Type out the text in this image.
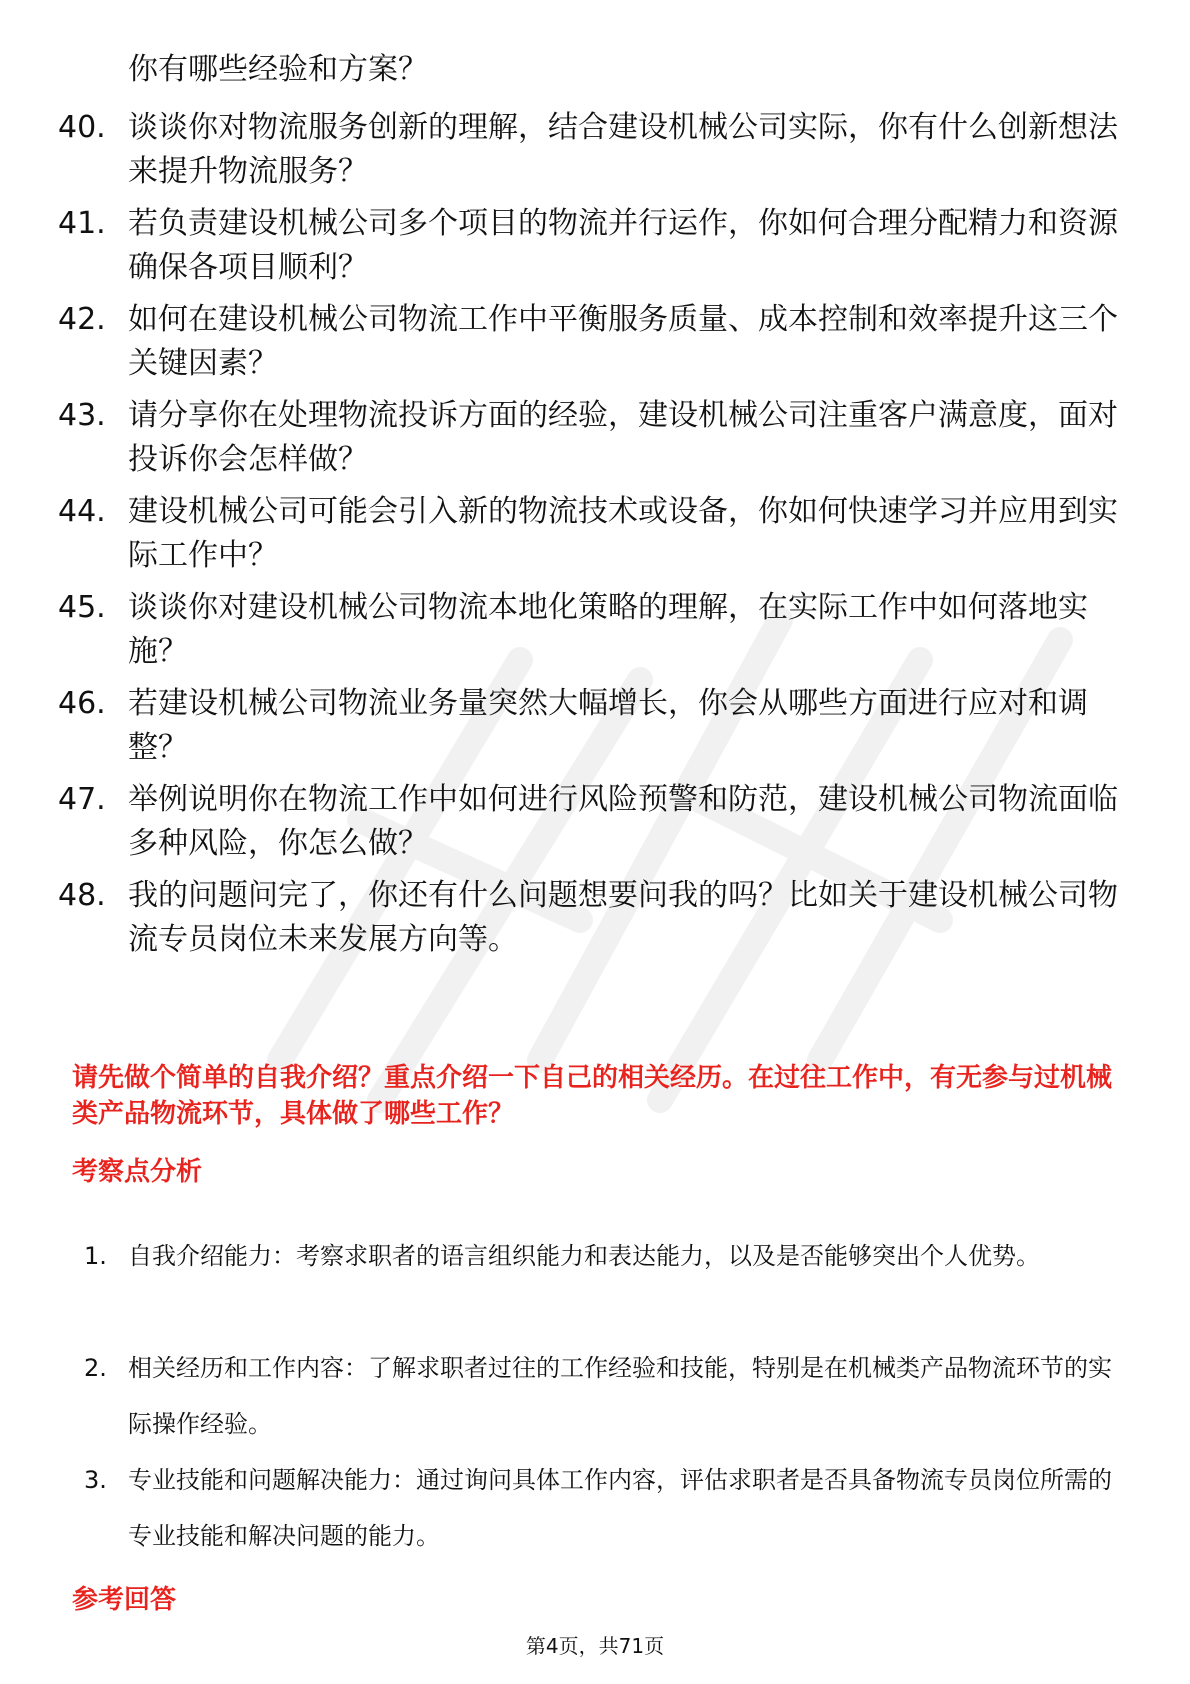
你有哪些经验和方案？
40. 谈谈你对物流服务创新的理解，结合建设机械公司实际，你有什么创新想法来提升物流服务？
41. 若负责建设机械公司多个项目的物流并行运作，你如何合理分配精力和资源确保各项目顺利？
42. 如何在建设机械公司物流工作中平衡服务质量、成本控制和效率提升这三个关键因素？
43. 请分享你在处理物流投诉方面的经验，建设机械公司注重客户满意度，面对投诉你会怎样做？
44. 建设机械公司可能会引入新的物流技术或设备，你如何快速学习并应用到实际工作中？
45. 谈谈你对建设机械公司物流本地化策略的理解，在实际工作中如何落地实施？
46. 若建设机械公司物流业务量突然大幅增长，你会从哪些方面进行应对和调整？
47. 举例说明你在物流工作中如何进行风险预警和防范，建设机械公司物流面临多种风险，你怎么做？
48. 我的问题问完了，你还有什么问题想要问我的吗？比如关于建设机械公司物流专员岗位未来发展方向等。
请先做个简单的自我介绍？重点介绍一下自己的相关经历。在过往工作中，有无参与过机械类产品物流环节，具体做了哪些工作？
考察点分析
1. 自我介绍能力：考察求职者的语言组织能力和表达能力，以及是否能够突出个人优势。
2. 相关经历和工作内容：了解求职者过往的工作经验和技能，特别是在机械类产品物流环节的实际操作经验。
3. 专业技能和问题解决能力：通过询问具体工作内容，评估求职者是否具备物流专员岗位所需的专业技能和解决问题的能力。
参考回答
第4页，共71页
